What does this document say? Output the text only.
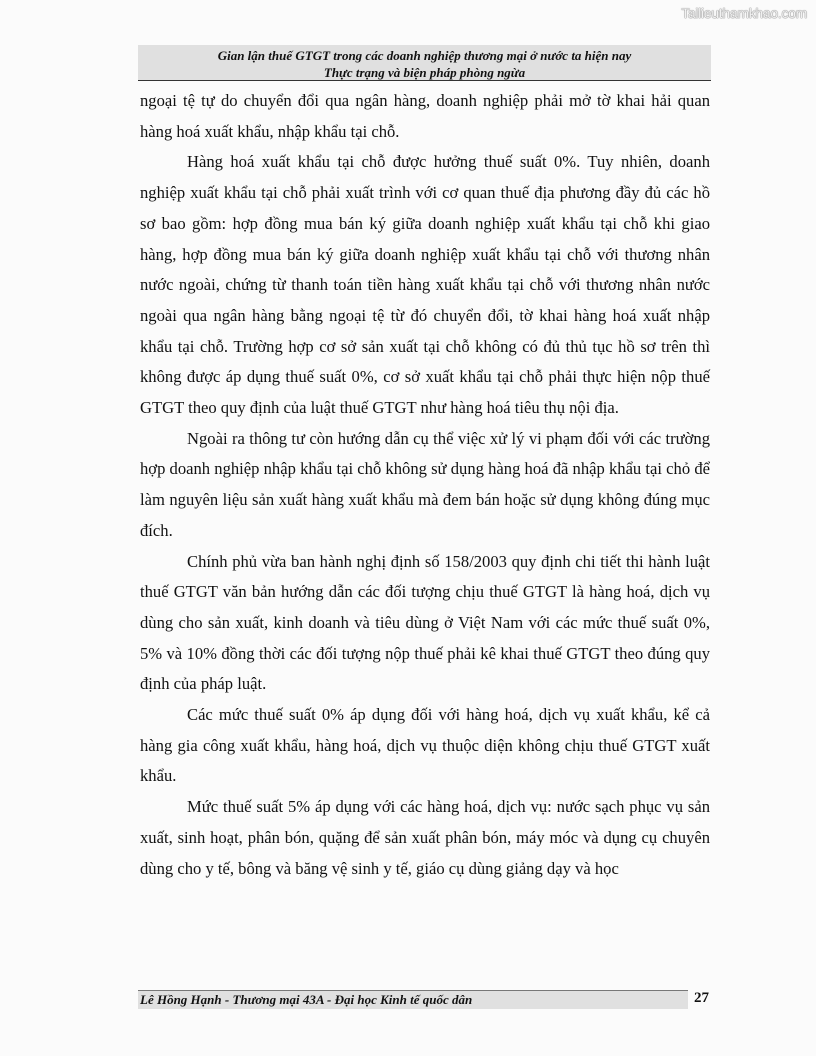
Tailieuthamkhao.com
Gian lận thuế GTGT trong các doanh nghiệp thương mại ở nước ta hiện nay
Thực trạng và biện pháp phòng ngừa

ngoại tệ tự do chuyển đổi qua ngân hàng, doanh nghiệp phải mở tờ khai hải quan hàng hoá xuất khẩu, nhập khẩu tại chỗ.

Hàng hoá xuất khẩu tại chỗ được hưởng thuế suất 0%. Tuy nhiên, doanh nghiệp xuất khẩu tại chỗ phải xuất trình với cơ quan thuế địa phương đầy đủ các hồ sơ bao gồm: hợp đồng mua bán ký giữa doanh nghiệp xuất khẩu tại chỗ khi giao hàng, hợp đồng mua bán ký giữa doanh nghiệp xuất khẩu tại chỗ với thương nhân nước ngoài, chứng từ thanh toán tiền hàng xuất khẩu tại chỗ với thương nhân nước ngoài qua ngân hàng bằng ngoại tệ từ đó chuyển đổi, tờ khai hàng hoá xuất nhập khẩu tại chỗ. Trường hợp cơ sở sản xuất tại chỗ không có đủ thủ tục hồ sơ trên thì không được áp dụng thuế suất 0%, cơ sở xuất khẩu tại chỗ phải thực hiện nộp thuế GTGT theo quy định của luật thuế GTGT như hàng hoá tiêu thụ nội địa.

Ngoài ra thông tư còn hướng dẫn cụ thể việc xử lý vi phạm đối với các trường hợp doanh nghiệp nhập khẩu tại chỗ không sử dụng hàng hoá đã nhập khẩu tại chỏ để làm nguyên liệu sản xuất hàng xuất khẩu mà đem bán hoặc sử dụng không đúng mục đích.

Chính phủ vừa ban hành nghị định số 158/2003 quy định chi tiết thi hành luật thuế GTGT văn bản hướng dẫn các đối tượng chịu thuế GTGT là hàng hoá, dịch vụ dùng cho sản xuất, kinh doanh và tiêu dùng ở Việt Nam với các mức thuế suất 0%, 5% và 10% đồng thời các đối tượng nộp thuế phải kê khai thuế GTGT theo đúng quy định của pháp luật.

Các mức thuế suất 0% áp dụng đối với hàng hoá, dịch vụ xuất khẩu, kể cả hàng gia công xuất khẩu, hàng hoá, dịch vụ thuộc diện không chịu thuế GTGT xuất khẩu.

Mức thuế suất 5% áp dụng với các hàng hoá, dịch vụ: nước sạch phục vụ sản xuất, sinh hoạt, phân bón, quặng để sản xuất phân bón, máy móc và dụng cụ chuyên dùng cho y tế, bông và băng vệ sinh y tế, giáo cụ dùng giảng dạy và học

Lê Hồng Hạnh - Thương mại 43A - Đại học Kinh tế quốc dân	27
